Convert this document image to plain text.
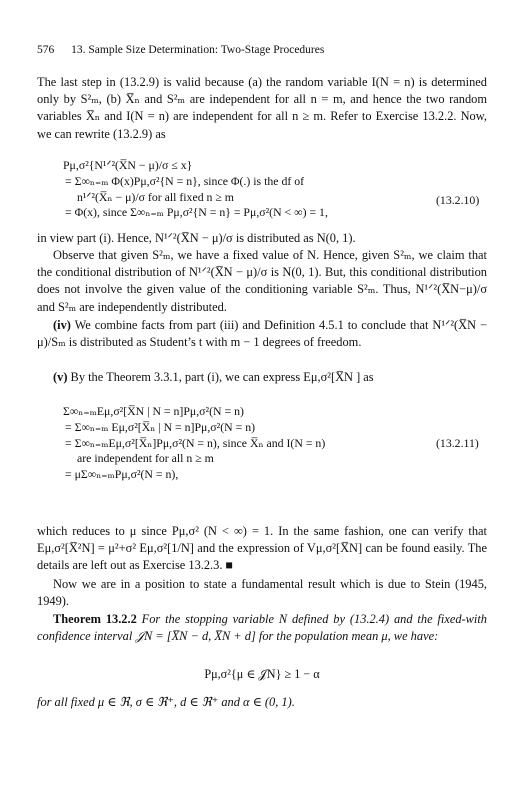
576 13. Sample Size Determination: Two-Stage Procedures

The last step in (13.2.9) is valid because (a) the random variable I(N = n) is determined only by S²ₘ, (b) X̅ₙ and S²ₘ are independent for all n = m, and hence the two random variables X̅ₙ and I(N = n) are independent for all n ≥ m. Refer to Exercise 13.2.2. Now, we can rewrite (13.2.9) as

Pμ,σ²{N¹ᐟ²(X̅N − μ)/σ ≤ x}
= Σ∞ₙ₌ₘ Φ(x)Pμ,σ²{N = n}, since Φ(.) is the df of
n¹ᐟ²(X̅ₙ − μ)/σ for all fixed n ≥ m
= Φ(x), since Σ∞ₙ₌ₘ Pμ,σ²{N = n} = Pμ,σ²(N < ∞) = 1,
(13.2.10)

in view part (i). Hence, N¹ᐟ²(X̅N − μ)/σ is distributed as N(0, 1).

Observe that given S²ₘ, we have a fixed value of N. Hence, given S²ₘ, we claim that the conditional distribution of N¹ᐟ²(X̅N − μ)/σ is N(0, 1). But, this conditional distribution does not involve the given value of the conditioning variable S²ₘ. Thus, N¹ᐟ²(X̅N−μ)/σ and S²ₘ are independently distributed.

(iv) We combine facts from part (iii) and Definition 4.5.1 to conclude that N¹ᐟ²(X̅N − μ)/Sₘ is distributed as Student’s t with m − 1 degrees of freedom.

(v) By the Theorem 3.3.1, part (i), we can express Eμ,σ²[X̅N ] as

Σ∞ₙ₌ₘEμ,σ²[X̅N | N = n]Pμ,σ²(N = n)
= Σ∞ₙ₌ₘ Eμ,σ²[X̅ₙ | N = n]Pμ,σ²(N = n)
= Σ∞ₙ₌ₘEμ,σ²[X̅ₙ]Pμ,σ²(N = n), since X̅ₙ and I(N = n)
are independent for all n ≥ m
= μΣ∞ₙ₌ₘPμ,σ²(N = n),
(13.2.11)

which reduces to μ since Pμ,σ² (N < ∞) = 1. In the same fashion, one can verify that Eμ,σ²[X̅²N] = μ²+σ² Eμ,σ²[1/N] and the expression of Vμ,σ²[X̅N] can be found easily. The details are left out as Exercise 13.2.3. ■

Now we are in a position to state a fundamental result which is due to Stein (1945, 1949).

Theorem 13.2.2 For the stopping variable N defined by (13.2.4) and the fixed-with confidence interval 𝒥N = [X̅N − d, X̅N + d] for the population mean μ, we have:

Pμ,σ²{μ ∈ 𝒥N} ≥ 1 − α

for all fixed μ ∈ ℜ, σ ∈ ℜ⁺, d ∈ ℜ⁺ and α ∈ (0, 1).
